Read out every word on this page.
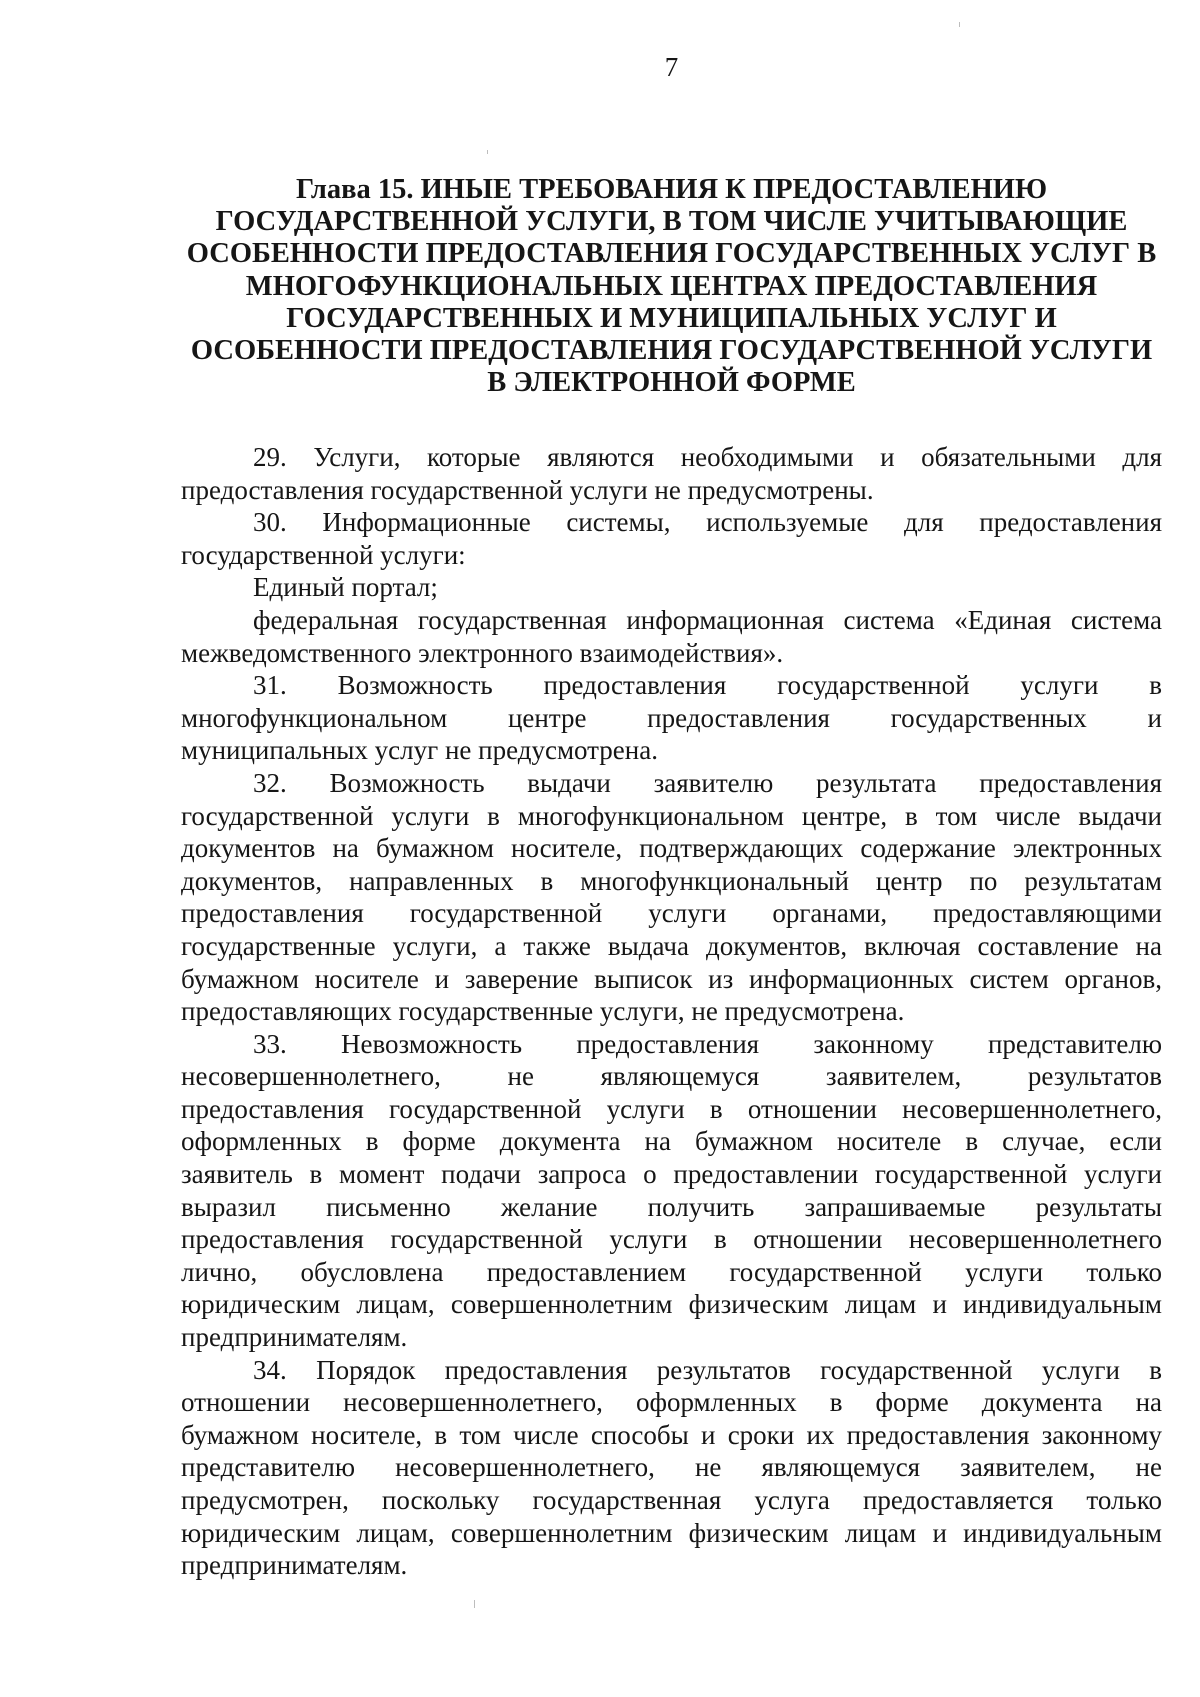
7
Глава 15. ИНЫЕ ТРЕБОВАНИЯ К ПРЕДОСТАВЛЕНИЮ
ГОСУДАРСТВЕННОЙ УСЛУГИ, В ТОМ ЧИСЛЕ УЧИТЫВАЮЩИЕ
ОСОБЕННОСТИ ПРЕДОСТАВЛЕНИЯ ГОСУДАРСТВЕННЫХ УСЛУГ В
МНОГОФУНКЦИОНАЛЬНЫХ ЦЕНТРАХ ПРЕДОСТАВЛЕНИЯ
ГОСУДАРСТВЕННЫХ И МУНИЦИПАЛЬНЫХ УСЛУГ И
ОСОБЕННОСТИ ПРЕДОСТАВЛЕНИЯ ГОСУДАРСТВЕННОЙ УСЛУГИ
В ЭЛЕКТРОННОЙ ФОРМЕ
29. Услуги, которые являются необходимыми и обязательными для
предоставления государственной услуги не предусмотрены.
30. Информационные системы, используемые для предоставления
государственной услуги:
Единый портал;
федеральная государственная информационная система «Единая система
межведомственного электронного взаимодействия».
31. Возможность предоставления государственной услуги в
многофункциональном центре предоставления государственных и
муниципальных услуг не предусмотрена.
32. Возможность выдачи заявителю результата предоставления
государственной услуги в многофункциональном центре, в том числе выдачи
документов на бумажном носителе, подтверждающих содержание электронных
документов, направленных в многофункциональный центр по результатам
предоставления государственной услуги органами, предоставляющими
государственные услуги, а также выдача документов, включая составление на
бумажном носителе и заверение выписок из информационных систем органов,
предоставляющих государственные услуги, не предусмотрена.
33. Невозможность предоставления законному представителю
несовершеннолетнего, не являющемуся заявителем, результатов
предоставления государственной услуги в отношении несовершеннолетнего,
оформленных в форме документа на бумажном носителе в случае, если
заявитель в момент подачи запроса о предоставлении государственной услуги
выразил письменно желание получить запрашиваемые результаты
предоставления государственной услуги в отношении несовершеннолетнего
лично, обусловлена предоставлением государственной услуги только
юридическим лицам, совершеннолетним физическим лицам и индивидуальным
предпринимателям.
34. Порядок предоставления результатов государственной услуги в
отношении несовершеннолетнего, оформленных в форме документа на
бумажном носителе, в том числе способы и сроки их предоставления законному
представителю несовершеннолетнего, не являющемуся заявителем, не
предусмотрен, поскольку государственная услуга предоставляется только
юридическим лицам, совершеннолетним физическим лицам и индивидуальным
предпринимателям.
